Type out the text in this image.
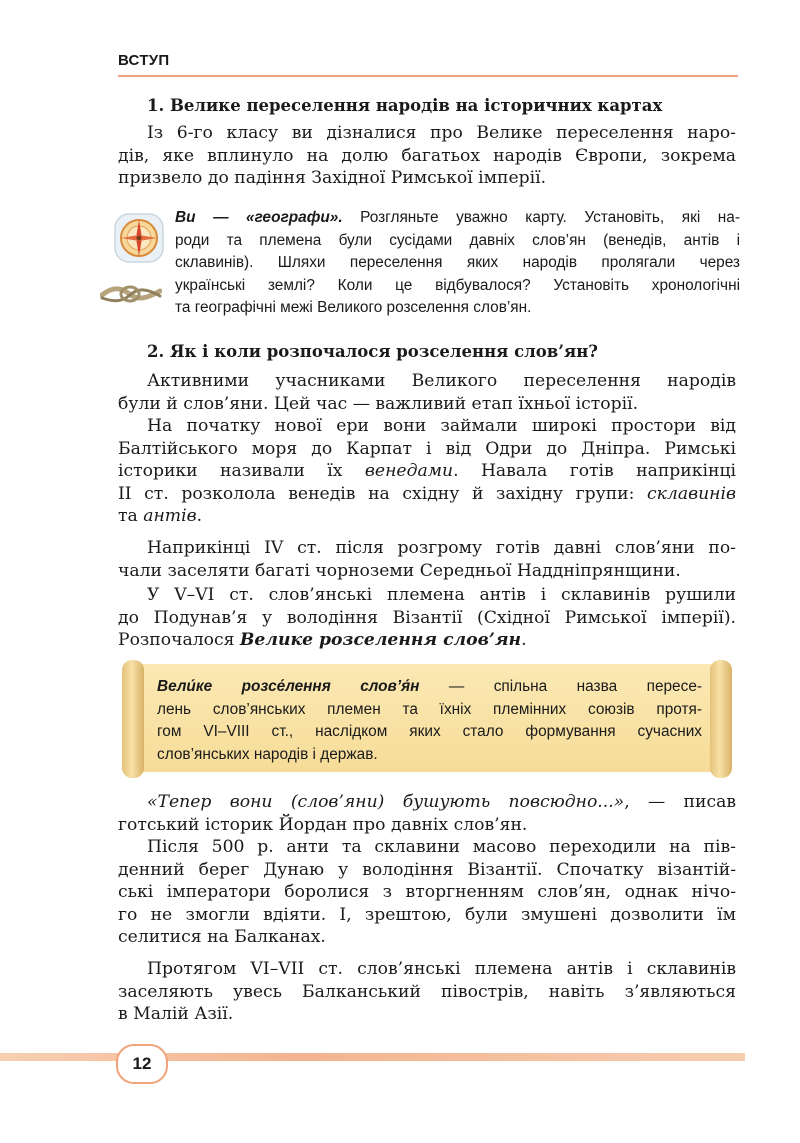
ВСТУП
1. Велике переселення народів на історичних картах
Із 6-го класу ви дізналися про Велике переселення наро-
дів, яке вплинуло на долю багатьох народів Європи, зокрема
призвело до падіння Західної Римської імперії.
Ви — «географи». Розгляньте уважно карту. Установіть, які на-
роди та племена були сусідами давніх слов’ян (венедів, антів і
склавинів). Шляхи переселення яких народів пролягали через
українські землі? Коли це відбувалося? Установіть хронологічні
та географічні межі Великого розселення слов’ян.
2. Як і коли розпочалося розселення слов’ян?
Активними учасниками Великого переселення народів
були й слов’яни. Цей час — важливий етап їхньої історії.
На початку нової ери вони займали широкі простори від
Балтійського моря до Карпат і від Одри до Дніпра. Римські
історики називали їх венедами. Навала готів наприкінці
ІІ ст. розколола венедів на східну й західну групи: склавинів
та антів.
Наприкінці IV ст. після розгрому готів давні слов’яни по-
чали заселяти багаті чорноземи Середньої Наддніпрянщини.
У V–VI ст. слов’янські племена антів і склавинів рушили
до Подунав’я у володіння Візантії (Східної Римської імперії).
Розпочалося Велике розселення слов’ян.
Вели́ке розсе́лення слов’я́н — спільна назва пересе-
лень слов’янських племен та їхніх племінних союзів протя-
гом VI–VIII ст., наслідком яких стало формування сучасних
слов’янських народів і держав.
«Тепер вони (слов’яни) бушують повсюдно...», — писав
готський історик Йордан про давніх слов’ян.
Після 500 р. анти та склавини масово переходили на пів-
денний берег Дунаю у володіння Візантії. Спочатку візантій-
ські імператори боролися з вторгненням слов’ян, однак нічо-
го не змогли вдіяти. І, зрештою, були змушені дозволити їм
селитися на Балканах.
Протягом VI–VII ст. слов’янські племена антів і склавинів
заселяють увесь Балканський півострів, навіть з’являються
в Малій Азії.
12
